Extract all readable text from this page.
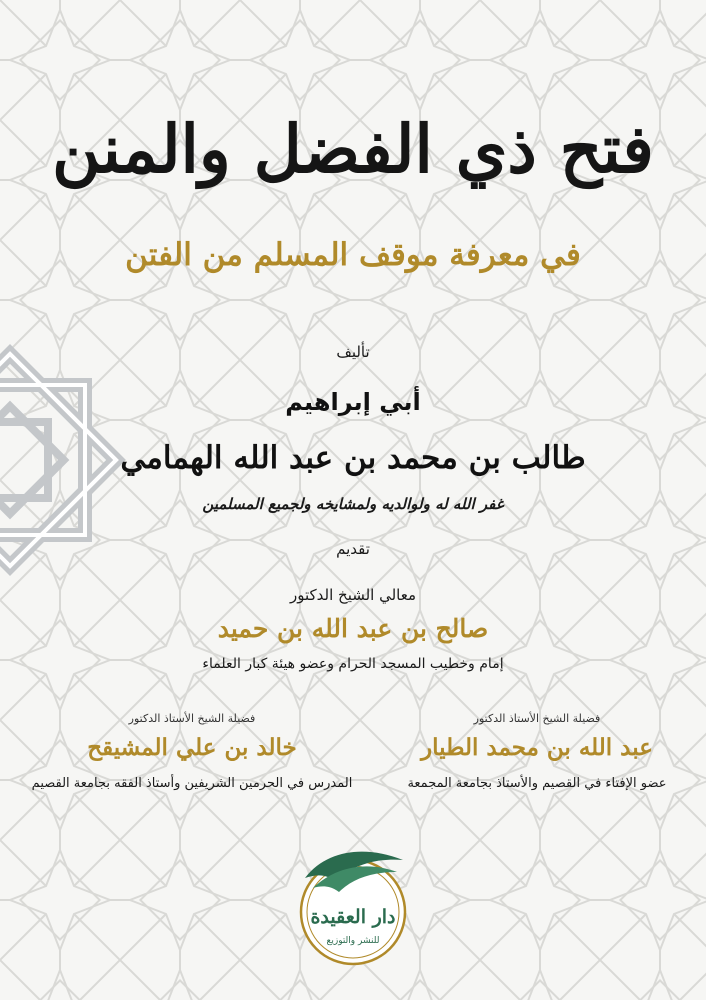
فتح ذي الفضل والمنن
في معرفة موقف المسلم من الفتن
تأليف
أبي إبراهيم
طالب بن محمد بن عبد الله الهمامي
غفر الله له ولوالديه ولمشايخه ولجميع المسلمين
تقديم
معالي الشيخ الدكتور
صالح بن عبد الله بن حميد
إمام وخطيب المسجد الحرام وعضو هيئة كبار العلماء
فضيلة الشيخ الأستاذ الدكتور
عبد الله بن محمد الطيار
عضو الإفتاء في القصيم والأستاذ بجامعة المجمعة
فضيلة الشيخ الأستاذ الدكتور
خالد بن علي المشيقح
المدرس في الحرمين الشريفين وأستاذ الفقه بجامعة القصيم
دار العقيدة
للنشر والتوزيع
